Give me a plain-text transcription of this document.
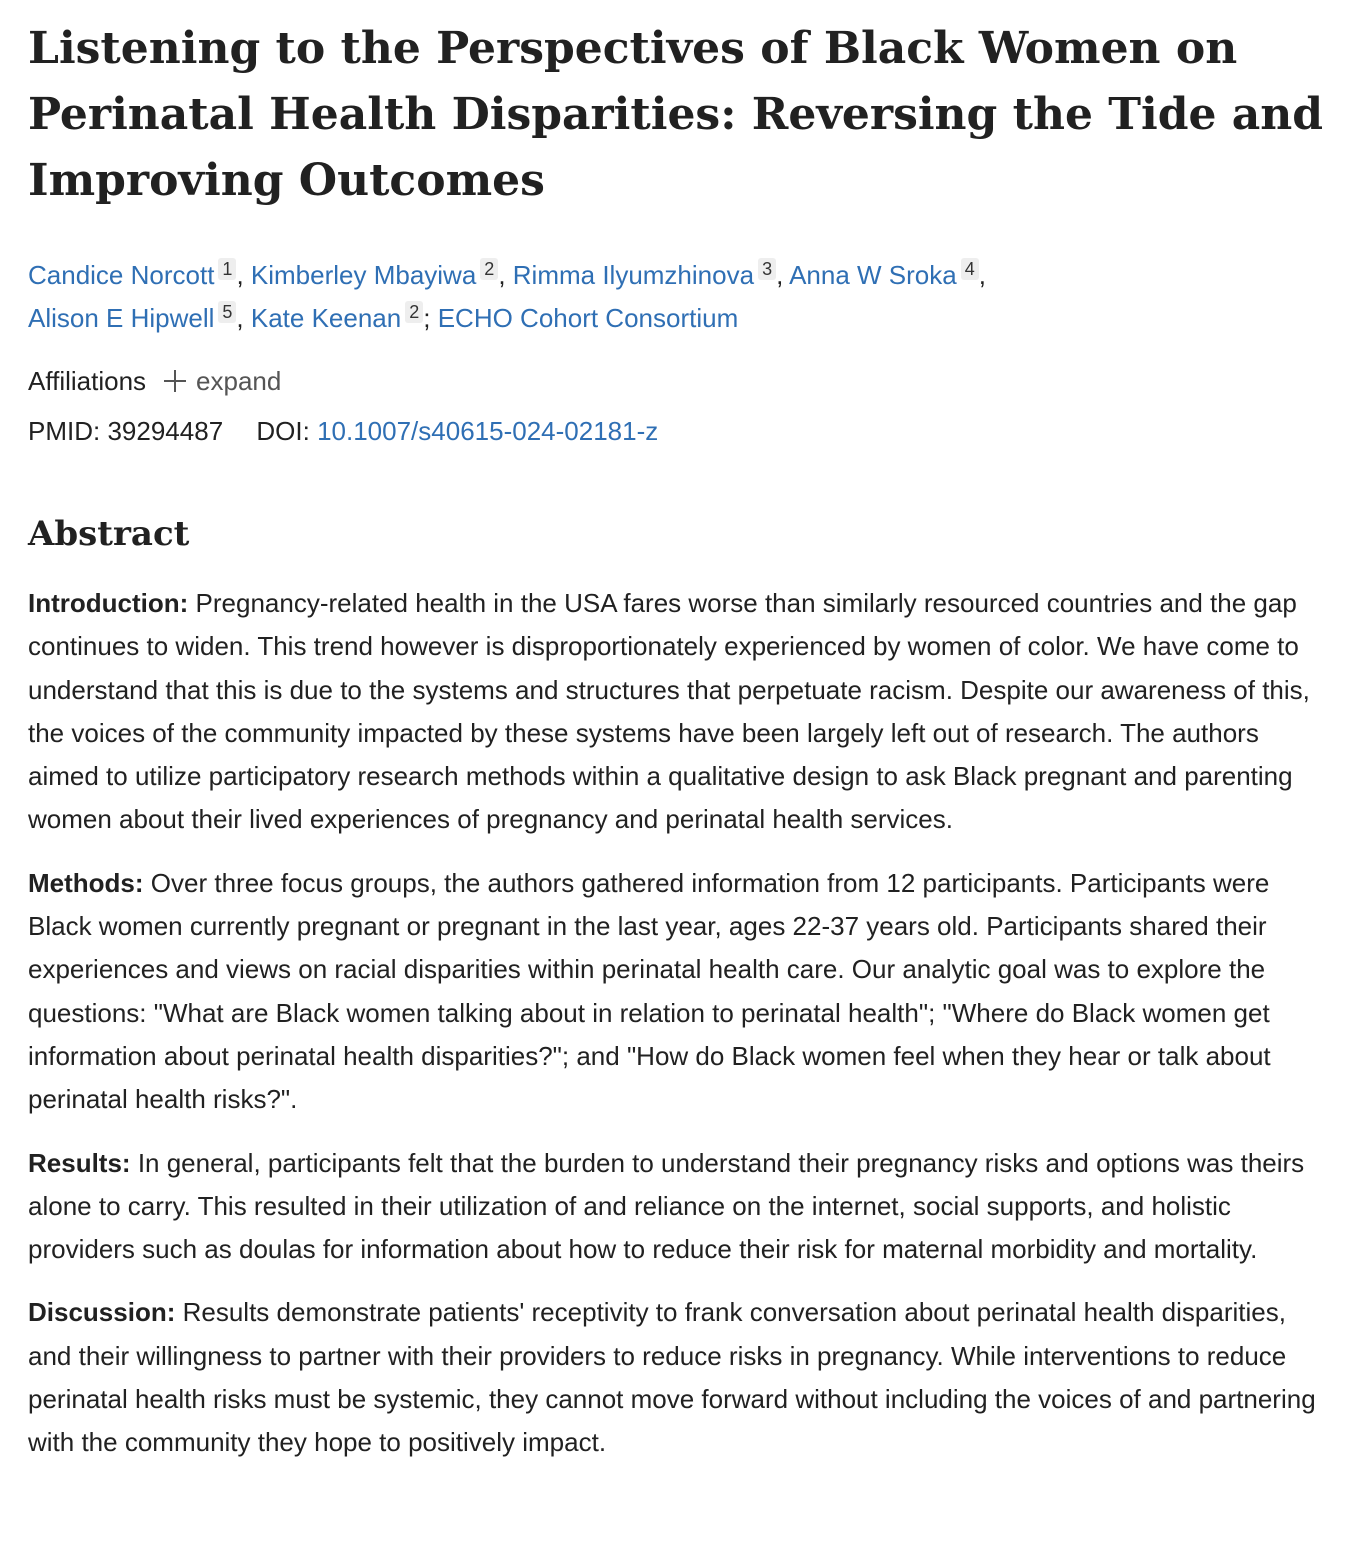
Listening to the Perspectives of Black Women on Perinatal Health Disparities: Reversing the Tide and Improving Outcomes
Candice Norcott 1 , Kimberley Mbayiwa 2 , Rimma Ilyumzhinova 3 , Anna W Sroka 4 ,
Alison E Hipwell 5 , Kate Keenan 2 ; ECHO Cohort Consortium
Affiliations expand
PMID: 39294487 DOI: 10.1007/s40615-024-02181-z
Abstract

Introduction: Pregnancy-related health in the USA fares worse than similarly resourced countries and the gap continues to widen. This trend however is disproportionately experienced by women of color. We have come to understand that this is due to the systems and structures that perpetuate racism. Despite our awareness of this, the voices of the community impacted by these systems have been largely left out of research. The authors aimed to utilize participatory research methods within a qualitative design to ask Black pregnant and parenting women about their lived experiences of pregnancy and perinatal health services.

Methods: Over three focus groups, the authors gathered information from 12 participants. Participants were Black women currently pregnant or pregnant in the last year, ages 22-37 years old. Participants shared their experiences and views on racial disparities within perinatal health care. Our analytic goal was to explore the questions: "What are Black women talking about in relation to perinatal health"; "Where do Black women get information about perinatal health disparities?"; and "How do Black women feel when they hear or talk about perinatal health risks?".

Results: In general, participants felt that the burden to understand their pregnancy risks and options was theirs alone to carry. This resulted in their utilization of and reliance on the internet, social supports, and holistic providers such as doulas for information about how to reduce their risk for maternal morbidity and mortality.

Discussion: Results demonstrate patients' receptivity to frank conversation about perinatal health disparities, and their willingness to partner with their providers to reduce risks in pregnancy. While interventions to reduce perinatal health risks must be systemic, they cannot move forward without including the voices of and partnering with the community they hope to positively impact.
